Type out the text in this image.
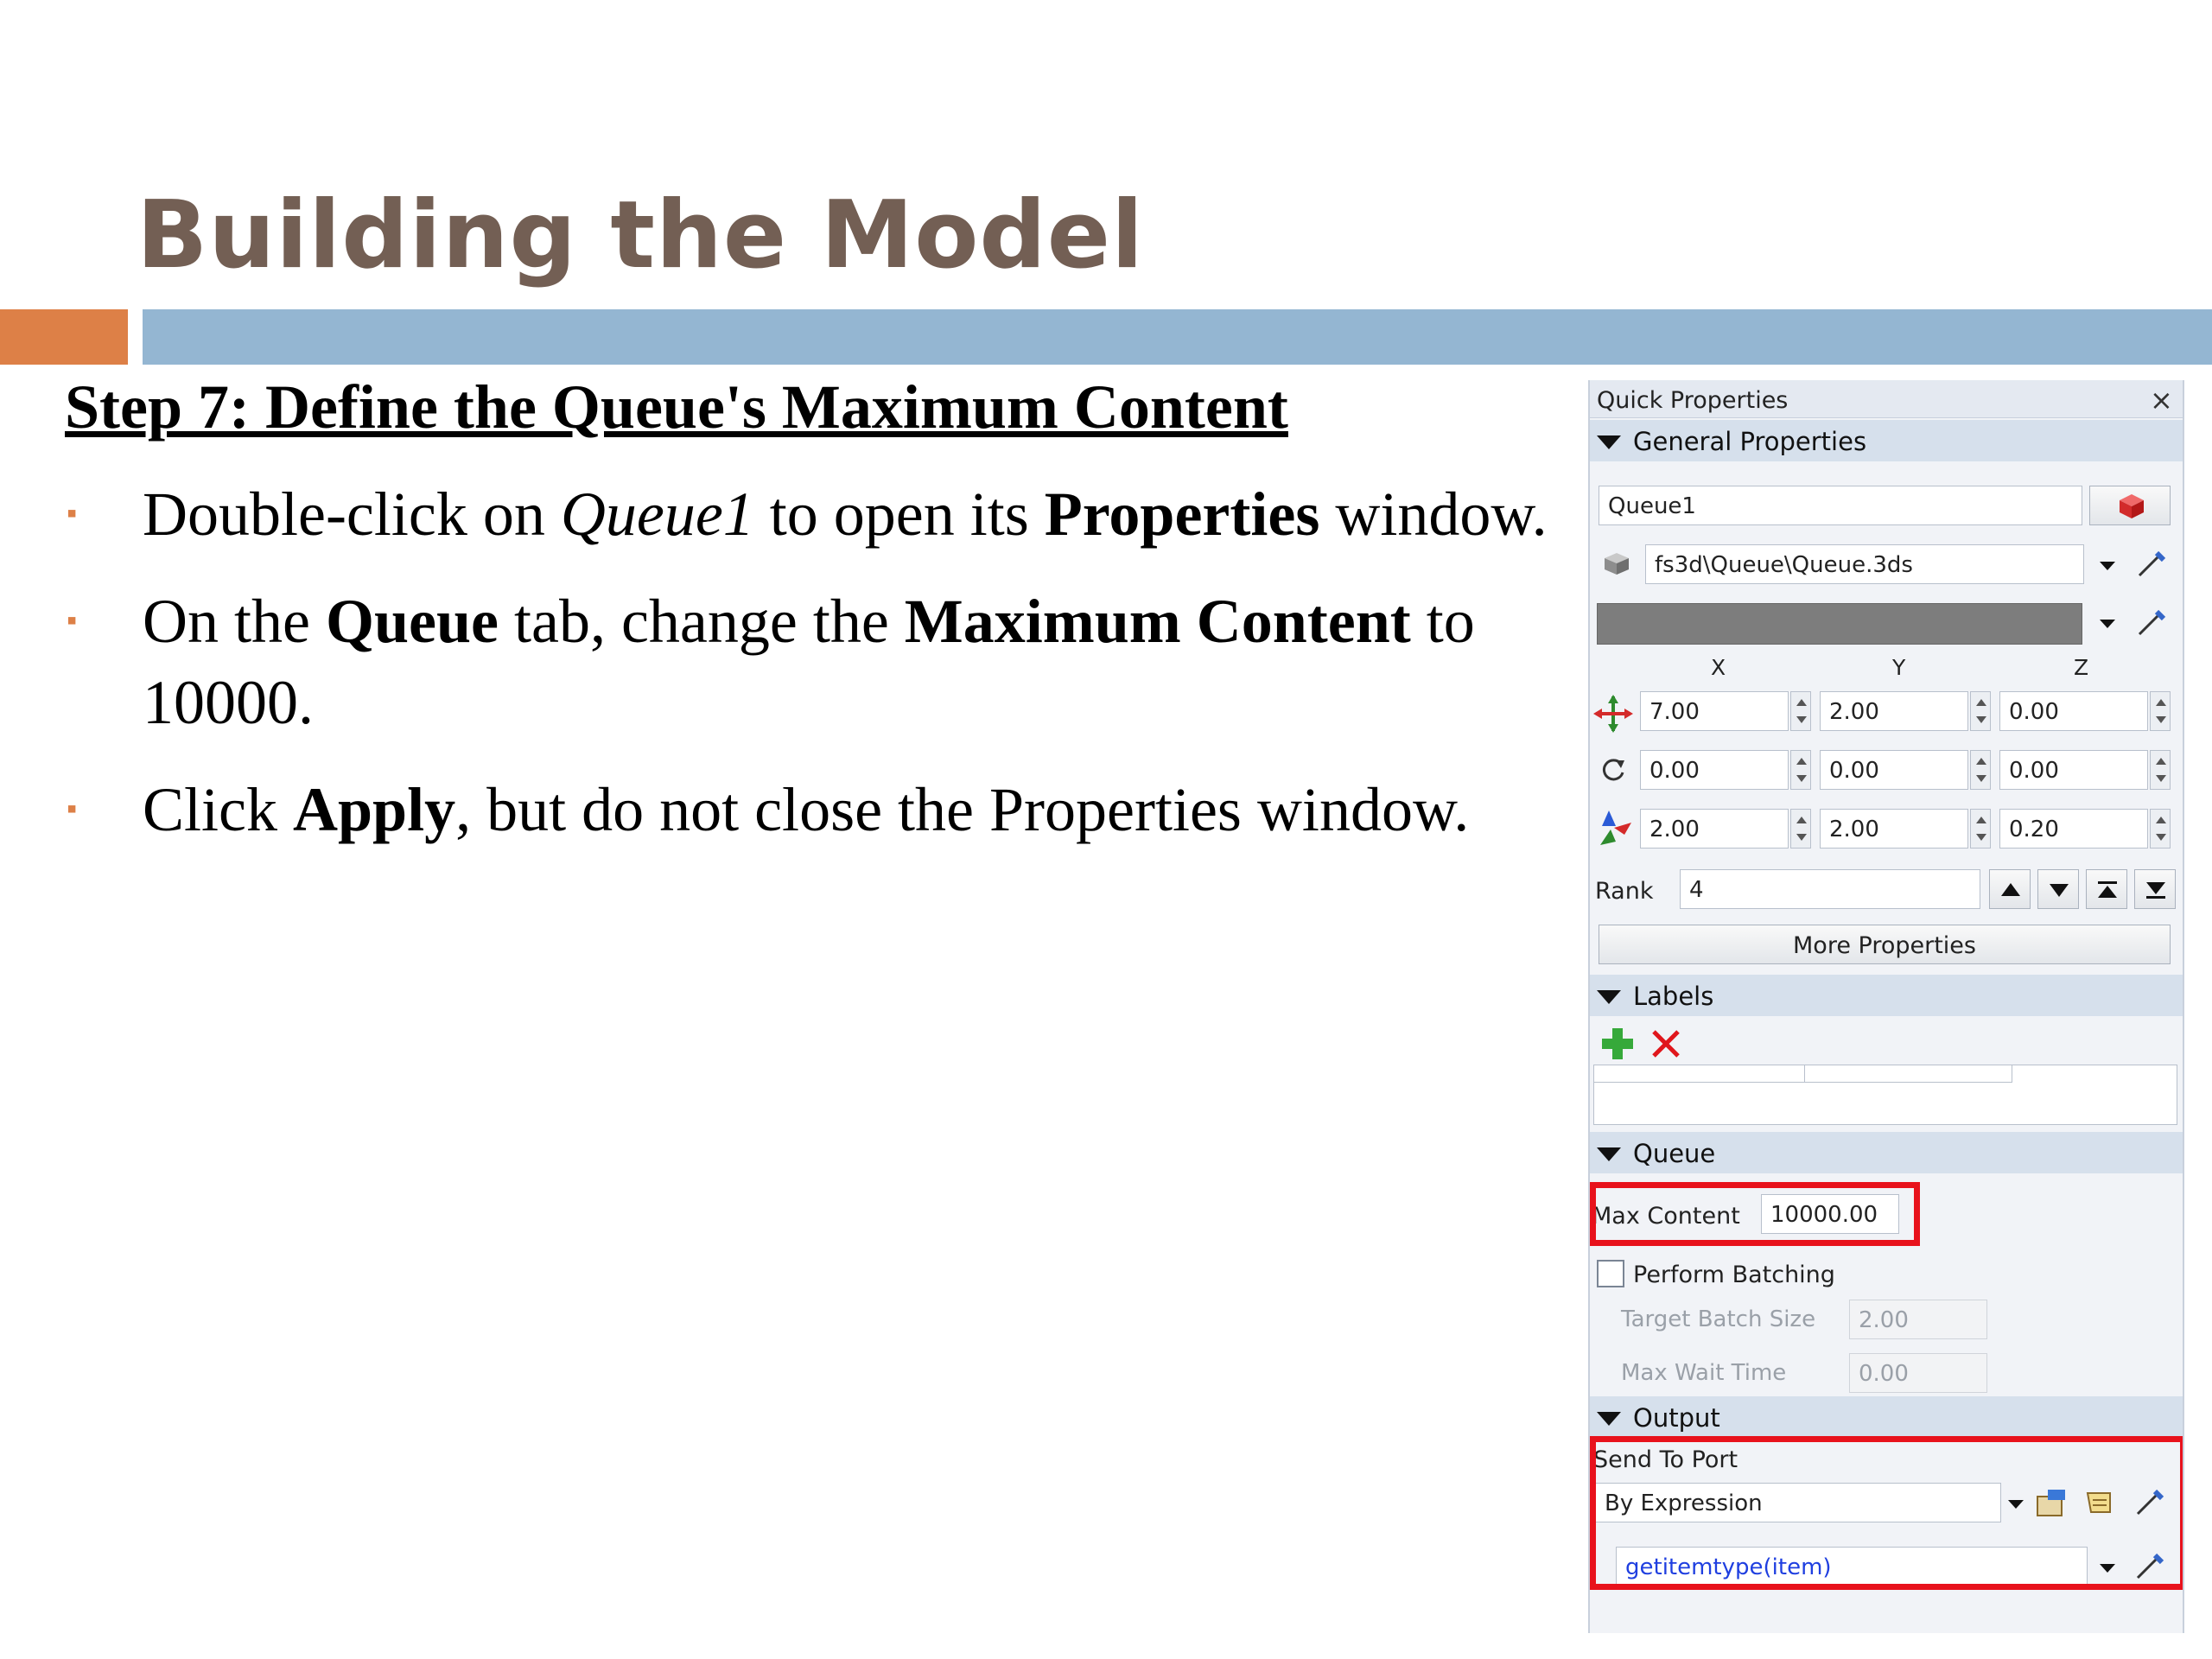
Building the Model
Step 7: Define the Queue's Maximum Content
▪	Double-click on Queue1 to open its Properties window.
▪	On the Queue tab, change the Maximum Content to 10000.
▪	Click Apply, but do not close the Properties window.
Quick Properties	×
General Properties
Queue1
fs3d\Queue\Queue.3ds
X	Y	Z
7.00	2.00	0.00
0.00	0.00	0.00
2.00	2.00	0.20
Rank	4
More Properties
Labels
Queue
Max Content	10000.00
Perform Batching
Target Batch Size	2.00
Max Wait Time	0.00
Output
Send To Port
By Expression
getitemtype(item)
